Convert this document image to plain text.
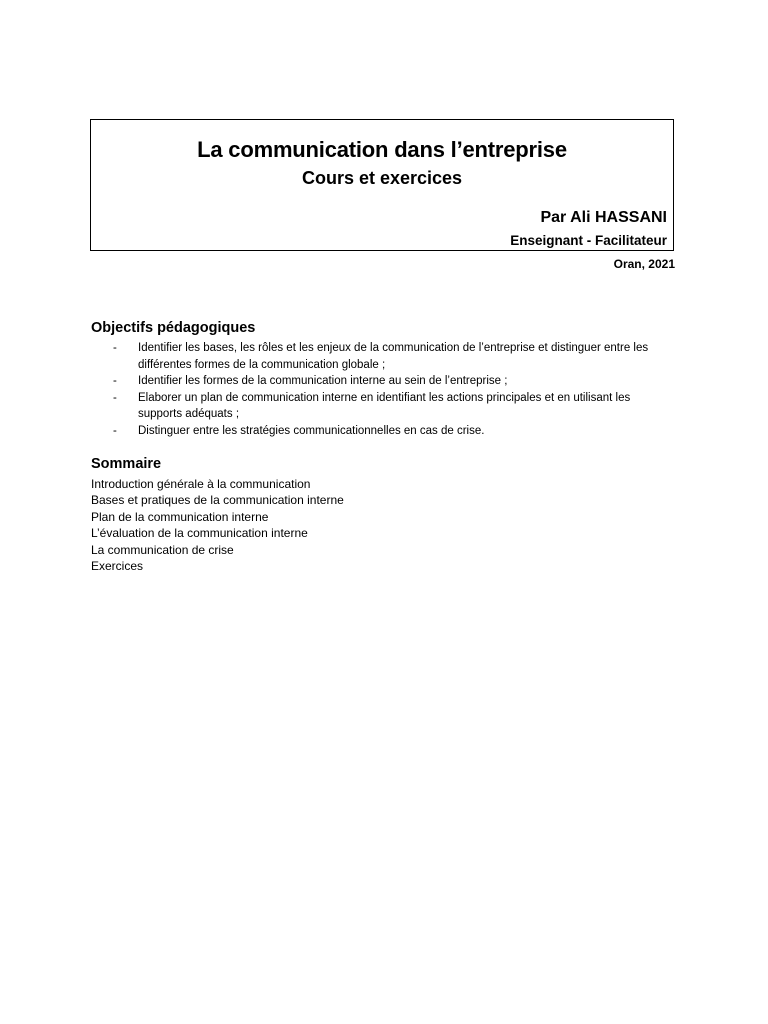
La communication dans l’entreprise
Cours et exercices
Par Ali HASSANI
Enseignant - Facilitateur
Oran, 2021
Objectifs pédagogiques
- Identifier les bases, les rôles et les enjeux de la communication de l’entreprise et distinguer entre les différentes formes de la communication globale ;
- Identifier les formes de la communication interne au sein de l’entreprise ;
- Elaborer un plan de communication interne en identifiant les actions principales et en utilisant les supports adéquats ;
- Distinguer entre les stratégies communicationnelles en cas de crise.
Sommaire
Introduction générale à la communication
Bases et pratiques de la communication interne
Plan de la communication interne
L’évaluation de la communication interne
La communication de crise
Exercices
